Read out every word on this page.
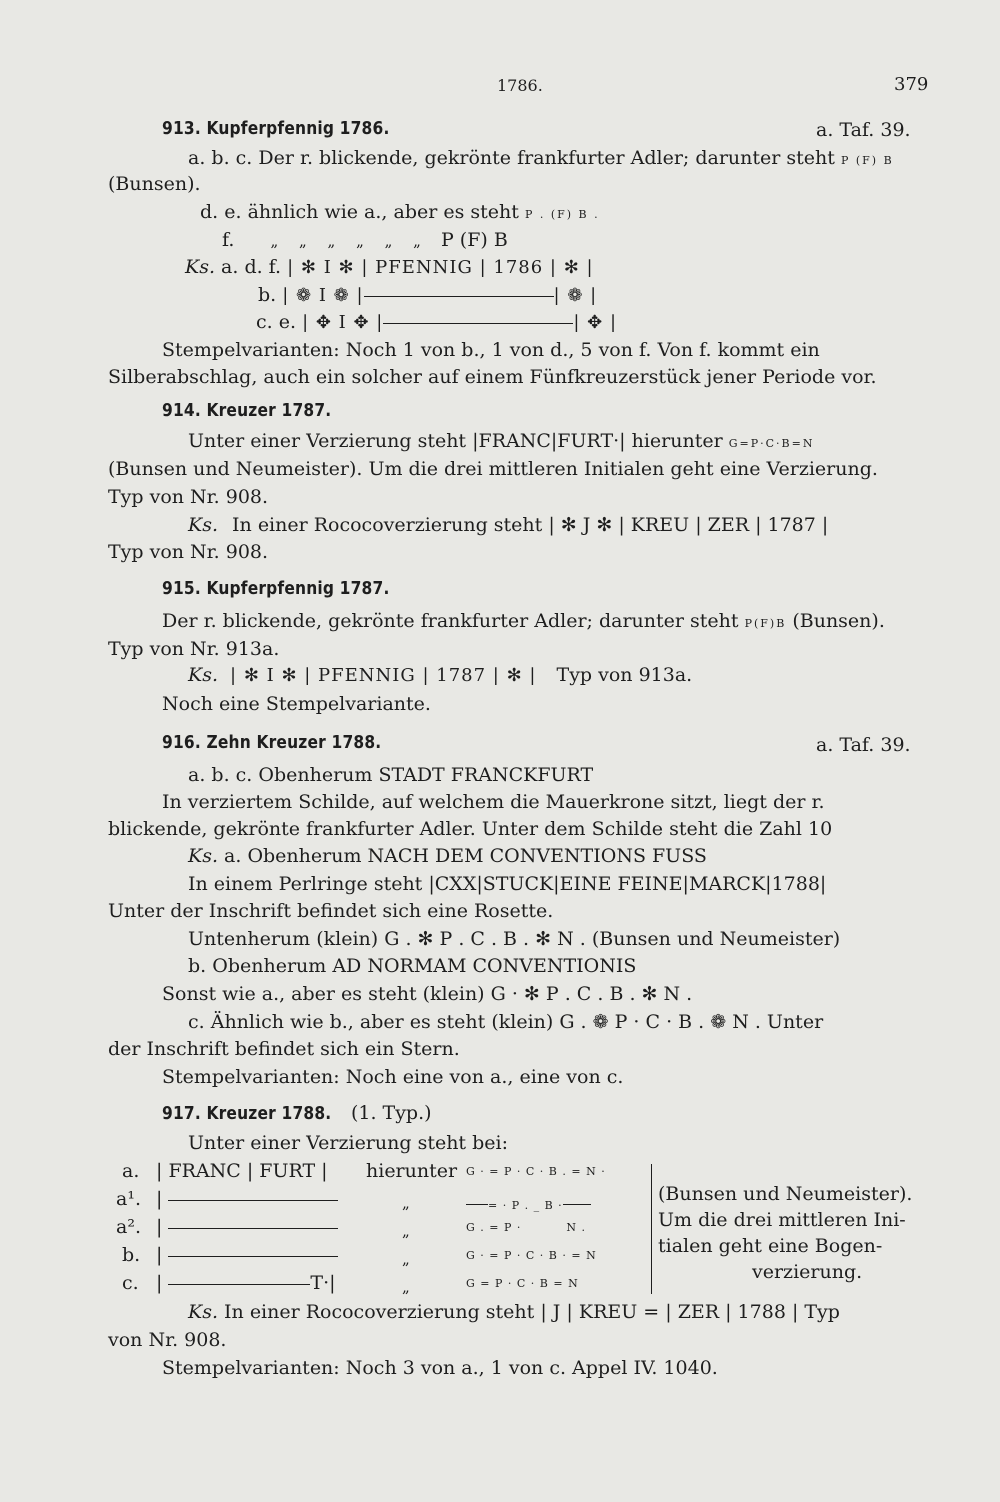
1786.	379
913. Kupferpfennig 1786.	a. Taf. 39.
a. b. c. Der r. blickende, gekrönte frankfurter Adler; darunter steht P (F) B
(Bunsen).
d. e. ähnlich wie a., aber es steht P . (F) B .
f. „ „ „ „ „ „ P (F) B
Ks. a. d. f. | ✻ I ✻ | PFENNIG | 1786 | ✻ |
b. | ❁ I ❁ |	| ❁ |
c. e. | ✥ I ✥ |	| ✥ |
Stempelvarianten: Noch 1 von b., 1 von d., 5 von f. Von f. kommt ein
Silberabschlag, auch ein solcher auf einem Fünfkreuzerstück jener Periode vor.
914. Kreuzer 1787.
Unter einer Verzierung steht |FRANC|FURT·| hierunter G=P·C·B=N
(Bunsen und Neumeister). Um die drei mittleren Initialen geht eine Verzierung.
Typ von Nr. 908.
Ks. In einer Rococoverzierung steht | ✻ J ✻ | KREU | ZER | 1787 |
Typ von Nr. 908.
915. Kupferpfennig 1787.
Der r. blickende, gekrönte frankfurter Adler; darunter steht P(F)B (Bunsen).
Typ von Nr. 913a.
Ks. | ✻ I ✻ | PFENNIG | 1787 | ✻ | Typ von 913a.
Noch eine Stempelvariante.
916. Zehn Kreuzer 1788.	a. Taf. 39.
a. b. c. Obenherum STADT FRANCKFURT
In verziertem Schilde, auf welchem die Mauerkrone sitzt, liegt der r.
blickende, gekrönte frankfurter Adler. Unter dem Schilde steht die Zahl 10
Ks. a. Obenherum NACH DEM CONVENTIONS FUSS
In einem Perlringe steht |CXX|STUCK|EINE FEINE|MARCK|1788|
Unter der Inschrift befindet sich eine Rosette.
Untenherum (klein) G . ✻ P . C . B . ✻ N . (Bunsen und Neumeister)
b. Obenherum AD NORMAM CONVENTIONIS
Sonst wie a., aber es steht (klein) G · ✻ P . C . B . ✻ N .
c. Ähnlich wie b., aber es steht (klein) G . ❁ P · C · B . ❁ N . Unter
der Inschrift befindet sich ein Stern.
Stempelvarianten: Noch eine von a., eine von c.
917. Kreuzer 1788. (1. Typ.)
Unter einer Verzierung steht bei:
a. | FRANC | FURT | hierunter G · = P · C · B . = N ·
a¹. |	„	= · P . _ B ·
a². |	„	G . = P ·          N .
b. |	„	G · = P · C · B · = N
c. |	T·|	„	G = P · C · B = N
(Bunsen und Neumeister).
Um die drei mittleren Ini-
tialen geht eine Bogen-
verzierung.
Ks. In einer Rococoverzierung steht | J | KREU = | ZER | 1788 | Typ
von Nr. 908.
Stempelvarianten: Noch 3 von a., 1 von c. Appel IV. 1040.
